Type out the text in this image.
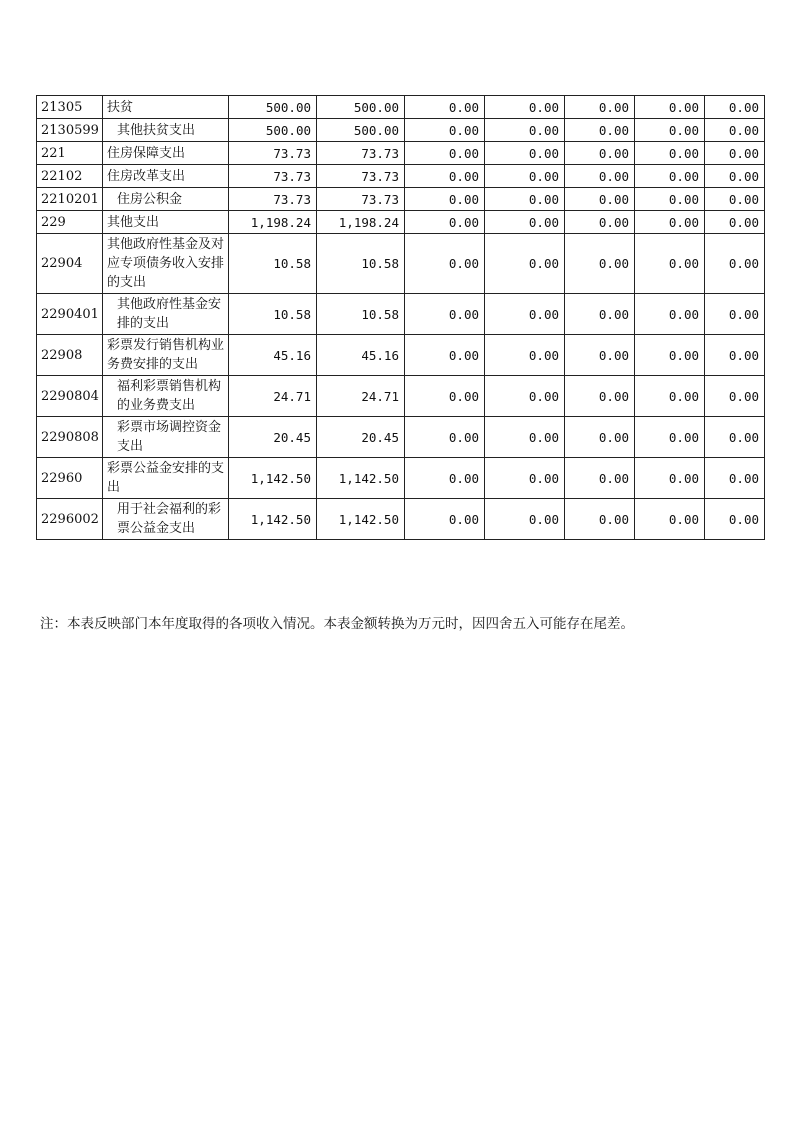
21305	扶贫	500.00	500.00	0.00	0.00	0.00	0.00	0.00
2130599	其他扶贫支出	500.00	500.00	0.00	0.00	0.00	0.00	0.00
221	住房保障支出	73.73	73.73	0.00	0.00	0.00	0.00	0.00
22102	住房改革支出	73.73	73.73	0.00	0.00	0.00	0.00	0.00
2210201	住房公积金	73.73	73.73	0.00	0.00	0.00	0.00	0.00
229	其他支出	1,198.24	1,198.24	0.00	0.00	0.00	0.00	0.00
22904	其他政府性基金及对应专项债务收入安排的支出	10.58	10.58	0.00	0.00	0.00	0.00	0.00
2290401	其他政府性基金安排的支出	10.58	10.58	0.00	0.00	0.00	0.00	0.00
22908	彩票发行销售机构业务费安排的支出	45.16	45.16	0.00	0.00	0.00	0.00	0.00
2290804	福利彩票销售机构的业务费支出	24.71	24.71	0.00	0.00	0.00	0.00	0.00
2290808	彩票市场调控资金支出	20.45	20.45	0.00	0.00	0.00	0.00	0.00
22960	彩票公益金安排的支出	1,142.50	1,142.50	0.00	0.00	0.00	0.00	0.00
2296002	用于社会福利的彩票公益金支出	1,142.50	1,142.50	0.00	0.00	0.00	0.00	0.00
注：本表反映部门本年度取得的各项收入情况。本表金额转换为万元时，因四舍五入可能存在尾差。
